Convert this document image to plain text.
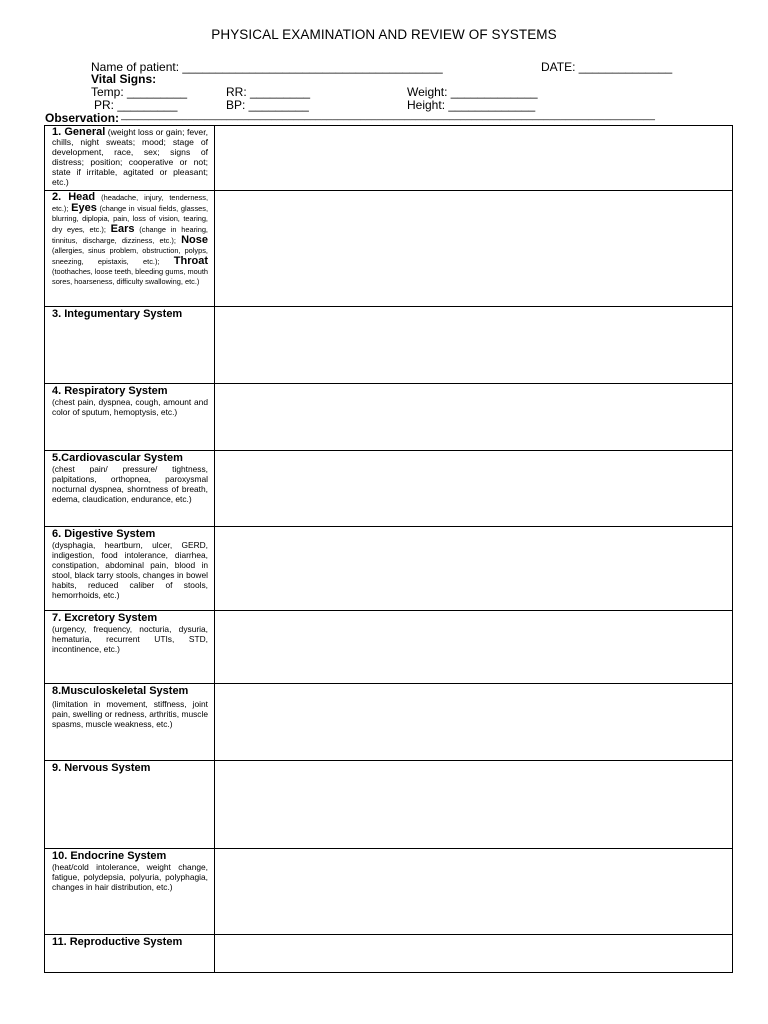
PHYSICAL EXAMINATION AND REVIEW OF SYSTEMS
Name of patient: _______________________________________	DATE: ______________
Vital Signs:
Temp: _________	RR: _________	Weight: _____________
PR: _________	BP: _________	Height: _____________
Observation: ________________________________________________________________________________________________
1. General (weight loss or gain; fever, chills, night sweats; mood; stage of development, race, sex; signs of distress; position; cooperative or not; state if irritable, agitated or pleasant; etc.)
2. Head (headache, injury, tenderness, etc.); Eyes (change in visual fields, glasses, blurring, diplopia, pain, loss of vision, tearing, dry eyes, etc.); Ears (change in hearing, tinnitus, discharge, dizziness, etc.); Nose (allergies, sinus problem, obstruction, polyps, sneezing, epistaxis, etc.); Throat (toothaches, loose teeth, bleeding gums, mouth sores, hoarseness, difficulty swallowing, etc.)
3. Integumentary System
4. Respiratory System
(chest pain, dyspnea, cough, amount and color of sputum, hemoptysis, etc.)
5.Cardiovascular System
(chest pain/ pressure/ tightness, palpitations, orthopnea, paroxysmal nocturnal dyspnea, shorntness of breath, edema, claudication, endurance, etc.)
6. Digestive System
(dysphagia, heartburn, ulcer, GERD, indigestion, food intolerance, diarrhea, constipation, abdominal pain, blood in stool, black tarry stools, changes in bowel habits, reduced caliber of stools, hemorrhoids, etc.)
7. Excretory System
(urgency, frequency, nocturia, dysuria, hematuria, recurrent UTIs, STD, incontinence, etc.)
8.Musculoskeletal System
(limitation in movement, stiffness, joint pain, swelling or redness, arthritis, muscle spasms, muscle weakness, etc.)
9. Nervous System
10. Endocrine System
(heat/cold intolerance, weight change, fatigue, polydepsia, polyuria, polyphagia, changes in hair distribution, etc.)
11. Reproductive System
